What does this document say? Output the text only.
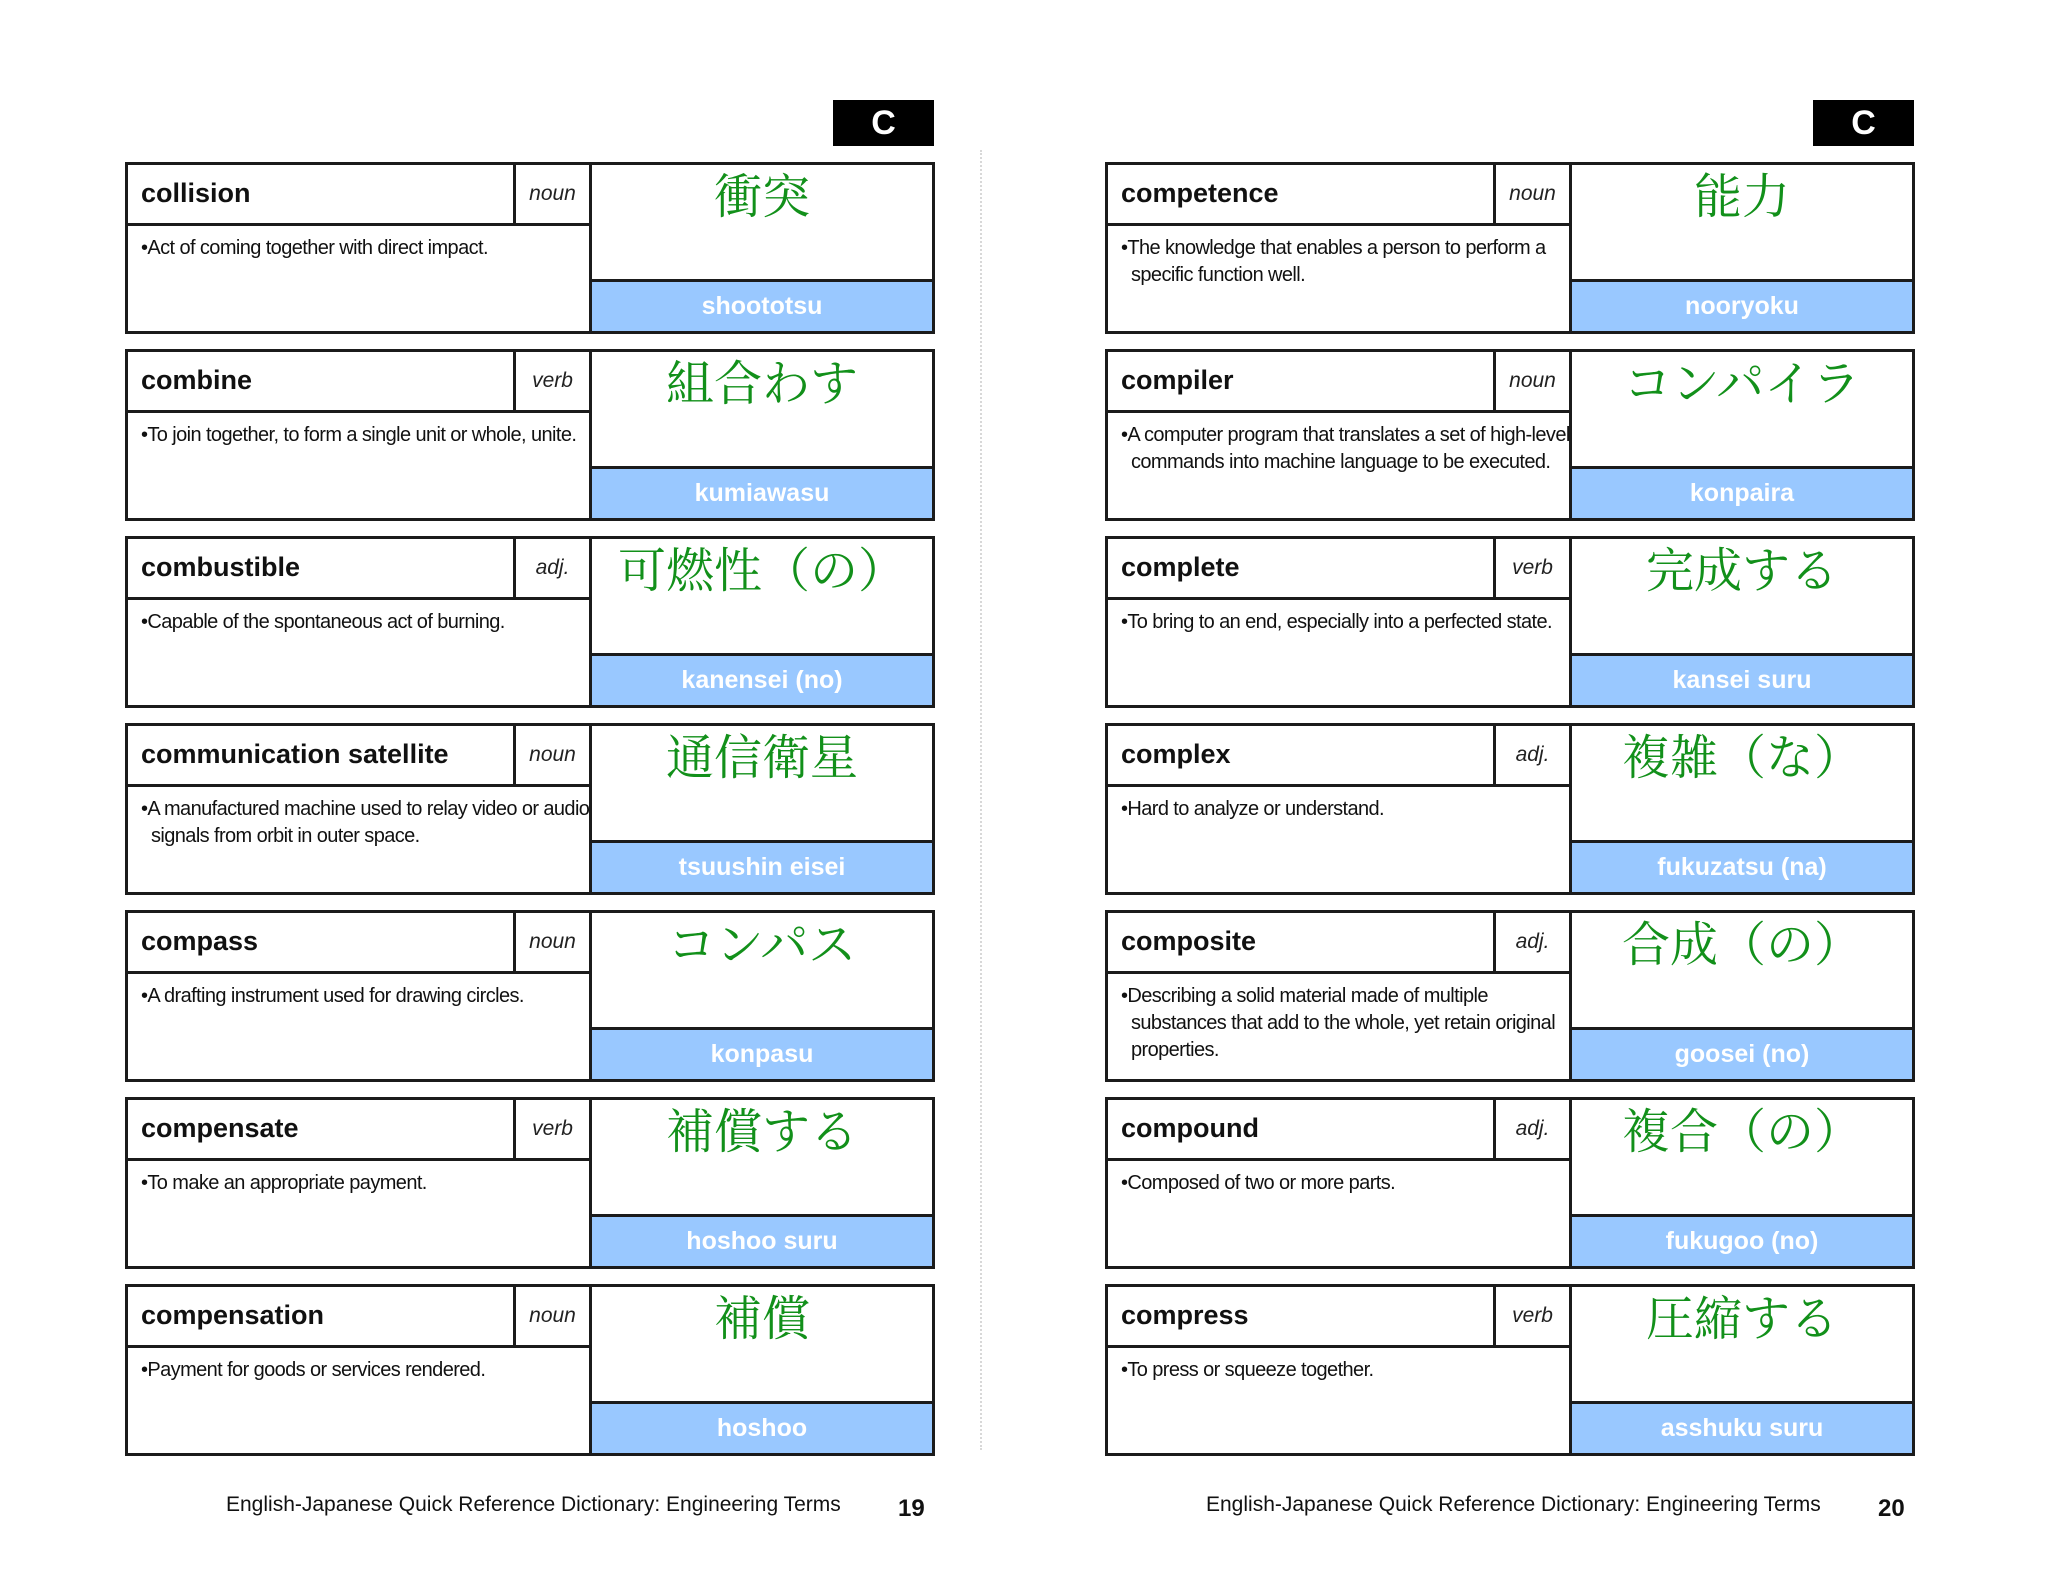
C
collision	noun
•Act of coming together with direct impact.
衝突
shoototsu
combine	verb
•To join together, to form a single unit or whole, unite.
組合わす
kumiawasu
combustible	adj.
•Capable of the spontaneous act of burning.
可燃性（の）
kanensei (no)
communication satellite	noun
•A manufactured machine used to relay video or audio signals from orbit in outer space.
通信衛星
tsuushin eisei
compass	noun
•A drafting instrument used for drawing circles.
コンパス
konpasu
compensate	verb
•To make an appropriate payment.
補償する
hoshoo suru
compensation	noun
•Payment for goods or services rendered.
補償
hoshoo
English-Japanese Quick Reference Dictionary: Engineering Terms 19
C
competence	noun
•The knowledge that enables a person to perform a specific function well.
能力
nooryoku
compiler	noun
•A computer program that translates a set of high-level commands into machine language to be executed.
コンパイラ
konpaira
complete	verb
•To bring to an end, especially into a perfected state.
完成する
kansei suru
complex	adj.
•Hard to analyze or understand.
複雑（な）
fukuzatsu (na)
composite	adj.
•Describing a solid material made of multiple substances that add to the whole, yet retain original properties.
合成（の）
goosei (no)
compound	adj.
•Composed of two or more parts.
複合（の）
fukugoo (no)
compress	verb
•To press or squeeze together.
圧縮する
asshuku suru
English-Japanese Quick Reference Dictionary: Engineering Terms 20
